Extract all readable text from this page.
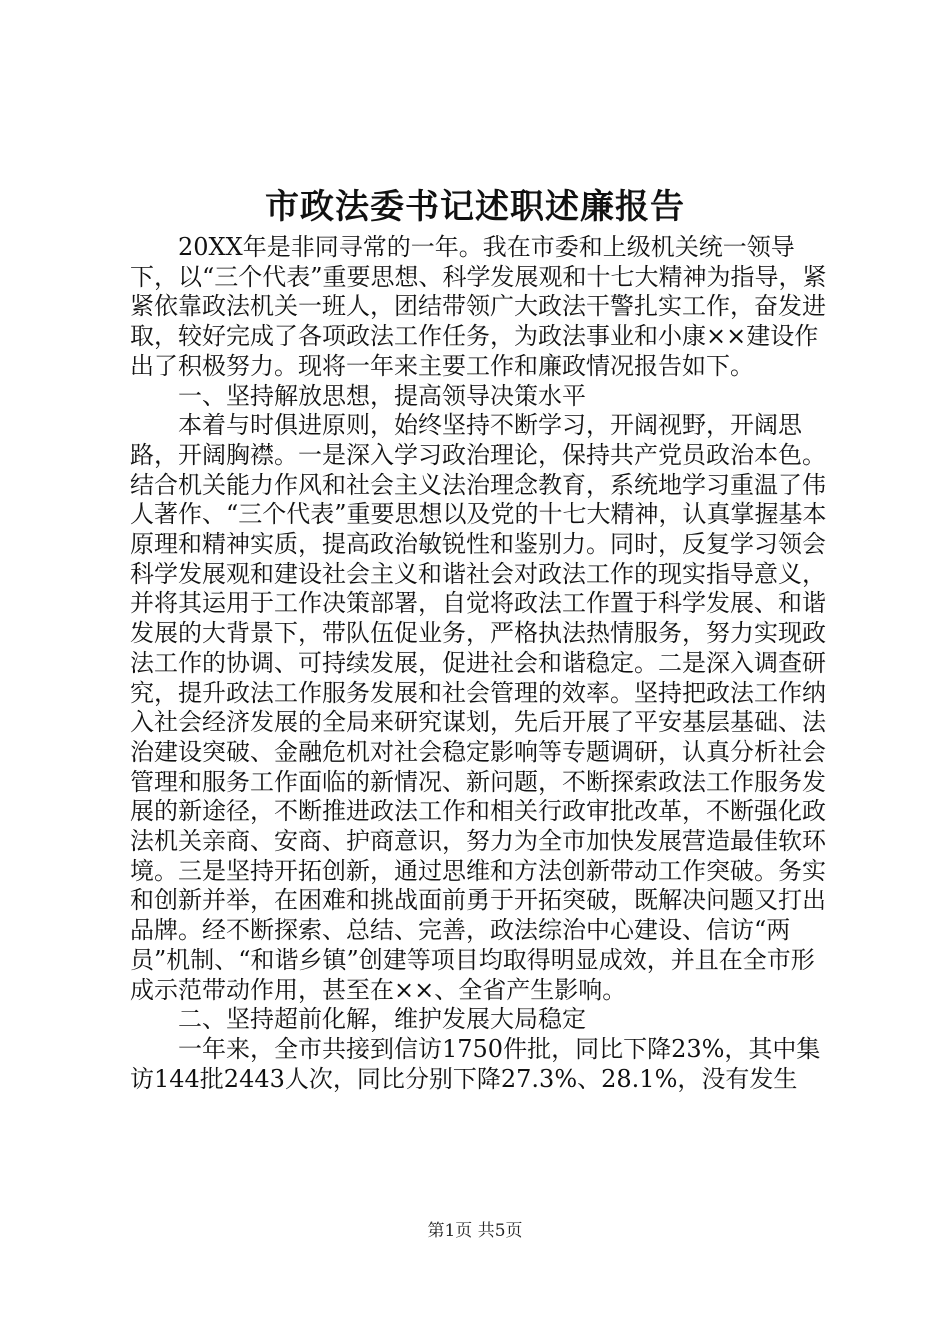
市政法委书记述职述廉报告

20XX年是非同寻常的一年。我在市委和上级机关统一领导下，以“三个代表”重要思想、科学发展观和十七大精神为指导，紧紧依靠政法机关一班人，团结带领广大政法干警扎实工作，奋发进取，较好完成了各项政法工作任务，为政法事业和小康××建设作出了积极努力。现将一年来主要工作和廉政情况报告如下。

一、坚持解放思想，提高领导决策水平

本着与时俱进原则，始终坚持不断学习，开阔视野，开阔思路，开阔胸襟。一是深入学习政治理论，保持共产党员政治本色。结合机关能力作风和社会主义法治理念教育，系统地学习重温了伟人著作、“三个代表”重要思想以及党的十七大精神，认真掌握基本原理和精神实质，提高政治敏锐性和鉴别力。同时，反复学习领会科学发展观和建设社会主义和谐社会对政法工作的现实指导意义，并将其运用于工作决策部署，自觉将政法工作置于科学发展、和谐发展的大背景下，带队伍促业务，严格执法热情服务，努力实现政法工作的协调、可持续发展，促进社会和谐稳定。二是深入调查研究，提升政法工作服务发展和社会管理的效率。坚持把政法工作纳入社会经济发展的全局来研究谋划，先后开展了平安基层基础、法治建设突破、金融危机对社会稳定影响等专题调研，认真分析社会管理和服务工作面临的新情况、新问题，不断探索政法工作服务发展的新途径，不断推进政法工作和相关行政审批改革，不断强化政法机关亲商、安商、护商意识，努力为全市加快发展营造最佳软环境。三是坚持开拓创新，通过思维和方法创新带动工作突破。务实和创新并举，在困难和挑战面前勇于开拓突破，既解决问题又打出品牌。经不断探索、总结、完善，政法综治中心建设、信访“两员”机制、“和谐乡镇”创建等项目均取得明显成效，并且在全市形成示范带动作用，甚至在××、全省产生影响。

二、坚持超前化解，维护发展大局稳定

一年来，全市共接到信访1750件批，同比下降23%，其中集访144批2443人次，同比分别下降27.3%、28.1%，没有发生

第1页 共5页
